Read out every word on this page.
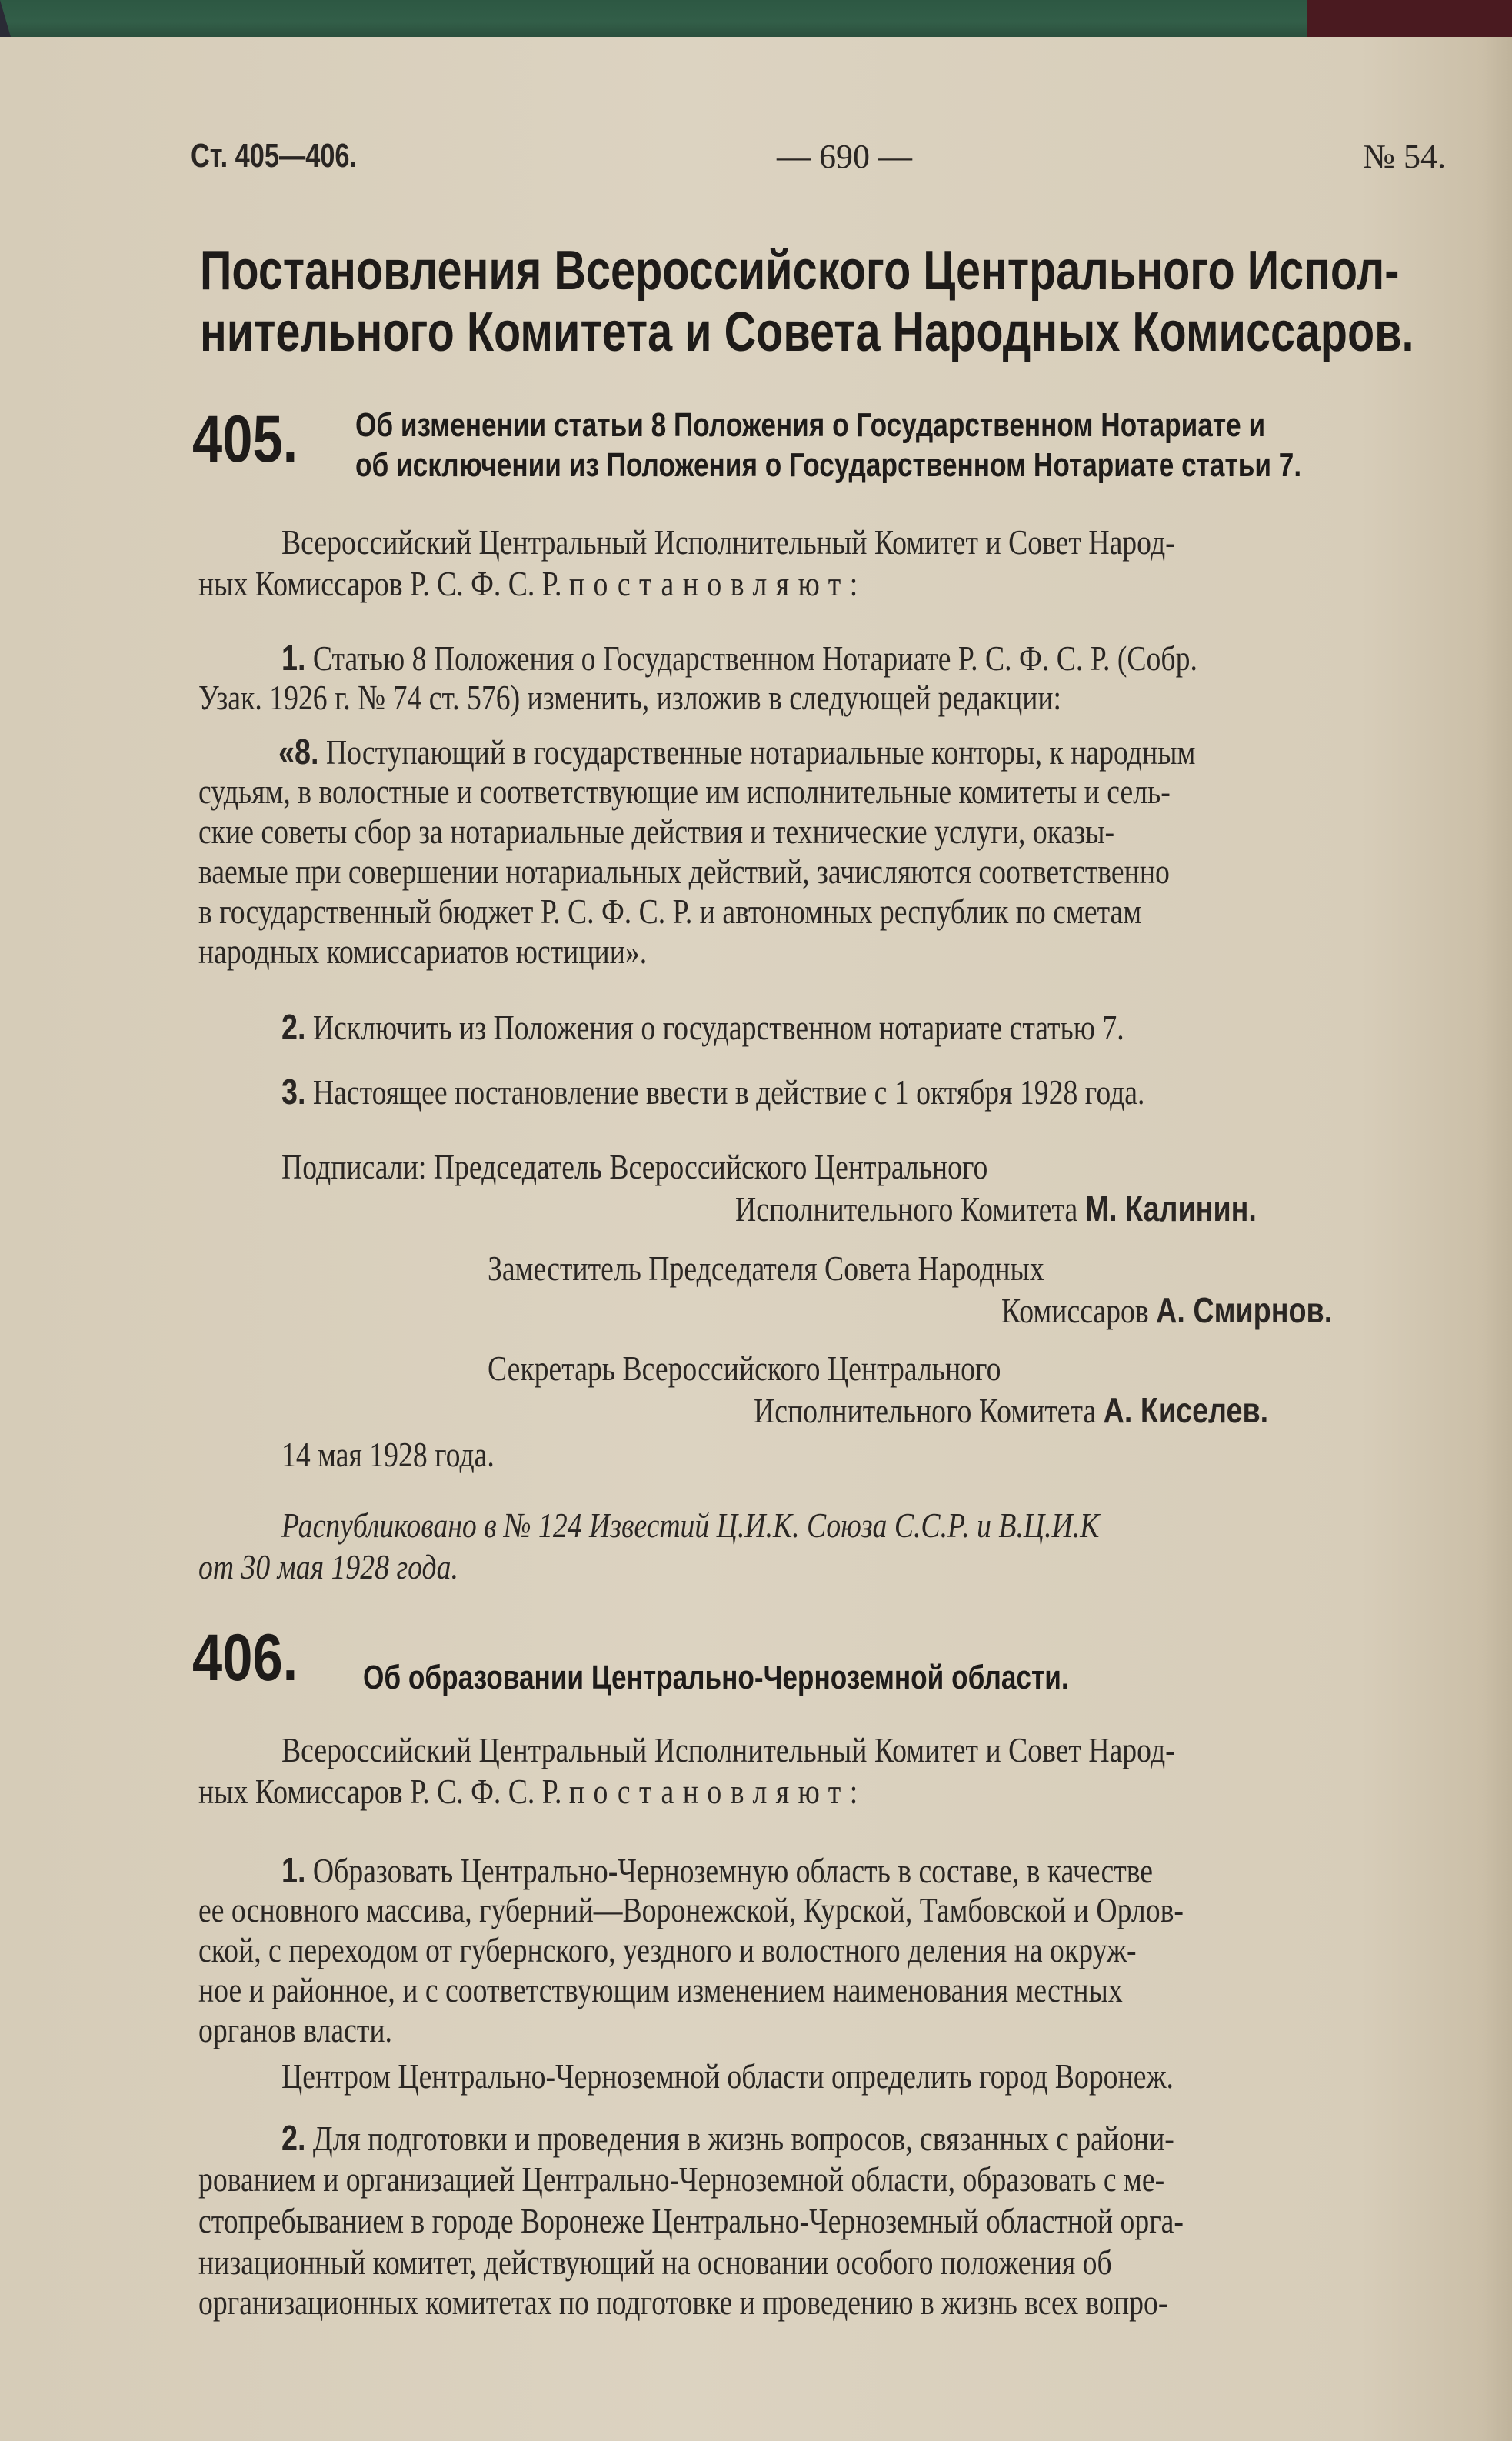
Ст. 405—406.	— 690 —	№ 54.
Постановления Всероссийского Центрального Испол-
нительного Комитета и Совета Народных Комиссаров.
405. Об изменении статьи 8 Положения о Государственном Нотариате и
об исключении из Положения о Государственном Нотариате статьи 7.
Всероссийский Центральный Исполнительный Комитет и Совет Народ-
ных Комиссаров Р. С. Ф. С. Р. постановляют:
1. Статью 8 Положения о Государственном Нотариате Р. С. Ф. С. Р. (Собр.
Узак. 1926 г. № 74 ст. 576) изменить, изложив в следующей редакции:
«8. Поступающий в государственные нотариальные конторы, к народным
судьям, в волостные и соответствующие им исполнительные комитеты и сель-
ские советы сбор за нотариальные действия и технические услуги, оказы-
ваемые при совершении нотариальных действий, зачисляются соответственно
в государственный бюджет Р. С. Ф. С. Р. и автономных республик по сметам
народных комиссариатов юстиции».
2. Исключить из Положения о государственном нотариате статью 7.
3. Настоящее постановление ввести в действие с 1 октября 1928 года.
Подписали: Председатель Всероссийского Центрального
Исполнительного Комитета М. Калинин.
Заместитель Председателя Совета Народных
Комиссаров А. Смирнов.
Секретарь Всероссийского Центрального
Исполнительного Комитета А. Киселев.
14 мая 1928 года.
Распубликовано в № 124 Известий Ц.И.К. Союза С.С.Р. и В.Ц.И.К
от 30 мая 1928 года.
406. Об образовании Центрально-Черноземной области.
Всероссийский Центральный Исполнительный Комитет и Совет Народ-
ных Комиссаров Р. С. Ф. С. Р. постановляют:
1. Образовать Центрально-Черноземную область в составе, в качестве
ее основного массива, губерний—Воронежской, Курской, Тамбовской и Орлов-
ской, с переходом от губернского, уездного и волостного деления на окруж-
ное и районное, и с соответствующим изменением наименования местных
органов власти.
Центром Центрально-Черноземной области определить город Воронеж.
2. Для подготовки и проведения в жизнь вопросов, связанных с райони-
рованием и организацией Центрально-Черноземной области, образовать с ме-
стопребыванием в городе Воронеже Центрально-Черноземный областной орга-
низационный комитет, действующий на основании особого положения об
организационных комитетах по подготовке и проведению в жизнь всех вопро-
